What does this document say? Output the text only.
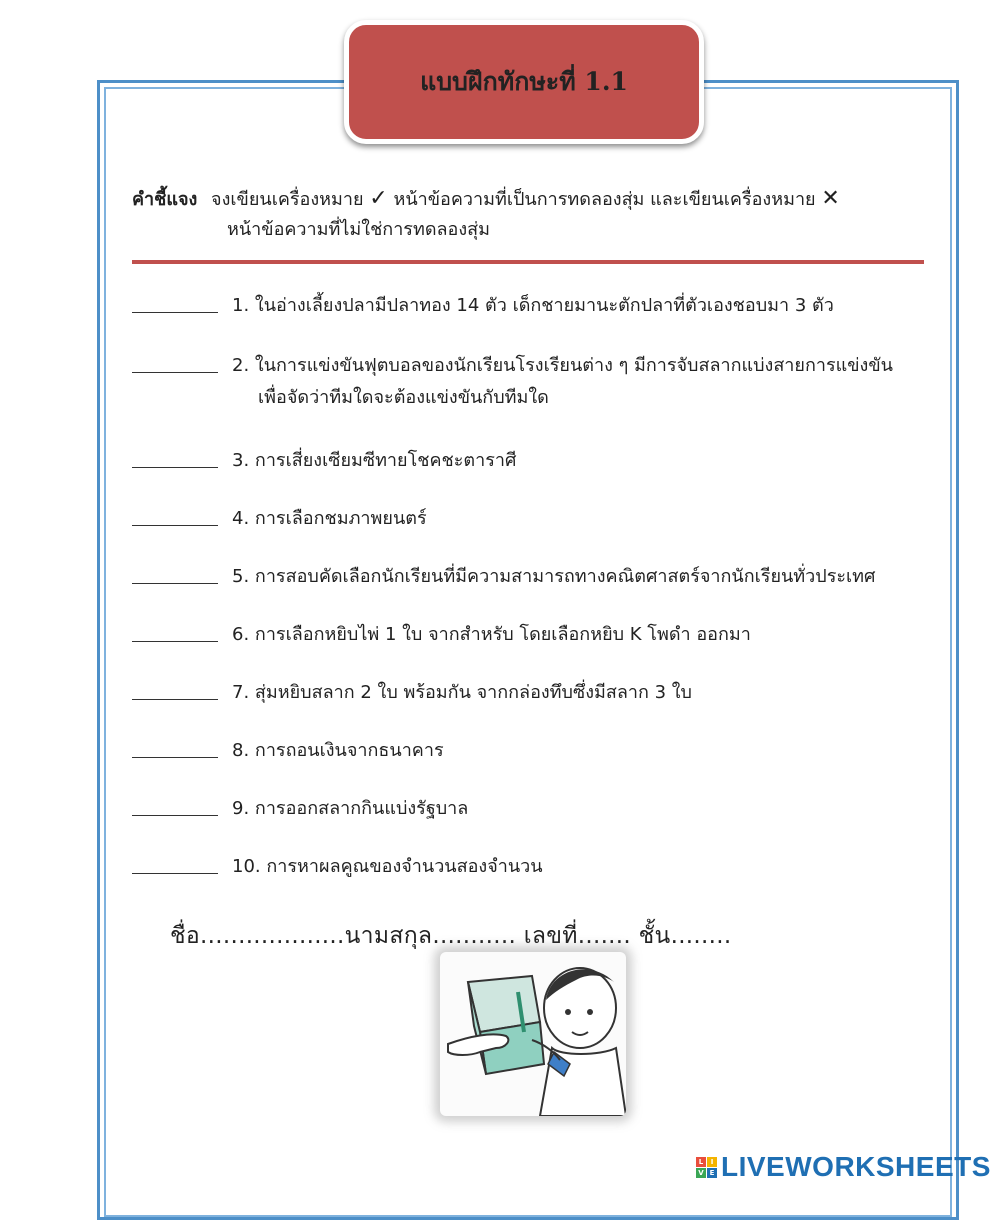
แบบฝึกทักษะที่ 1.1
คำชี้แจง จงเขียนเครื่องหมาย ✓ หน้าข้อความที่เป็นการทดลองสุ่ม และเขียนเครื่องหมาย ✕
หน้าข้อความที่ไม่ใช่การทดลองสุ่ม
1. ในอ่างเลี้ยงปลามีปลาทอง 14 ตัว เด็กชายมานะตักปลาที่ตัวเองชอบมา 3 ตัว
2. ในการแข่งขันฟุตบอลของนักเรียนโรงเรียนต่าง ๆ มีการจับสลากแบ่งสายการแข่งขัน
เพื่อจัดว่าทีมใดจะต้องแข่งขันกับทีมใด
3. การเสี่ยงเซียมซีทายโชคชะตาราศี
4. การเลือกชมภาพยนตร์
5. การสอบคัดเลือกนักเรียนที่มีความสามารถทางคณิตศาสตร์จากนักเรียนทั่วประเทศ
6. การเลือกหยิบไพ่ 1 ใบ จากสำหรับ โดยเลือกหยิบ K โพดำ ออกมา
7. สุ่มหยิบสลาก 2 ใบ พร้อมกัน จากกล่องทึบซึ่งมีสลาก 3 ใบ
8. การถอนเงินจากธนาคาร
9. การออกสลากกินแบ่งรัฐบาล
10. การหาผลคูณของจำนวนสองจำนวน
ชื่อ...................นามสกุล........... เลขที่....... ชั้น........
L	I
V E LIVEWORKSHEETS
